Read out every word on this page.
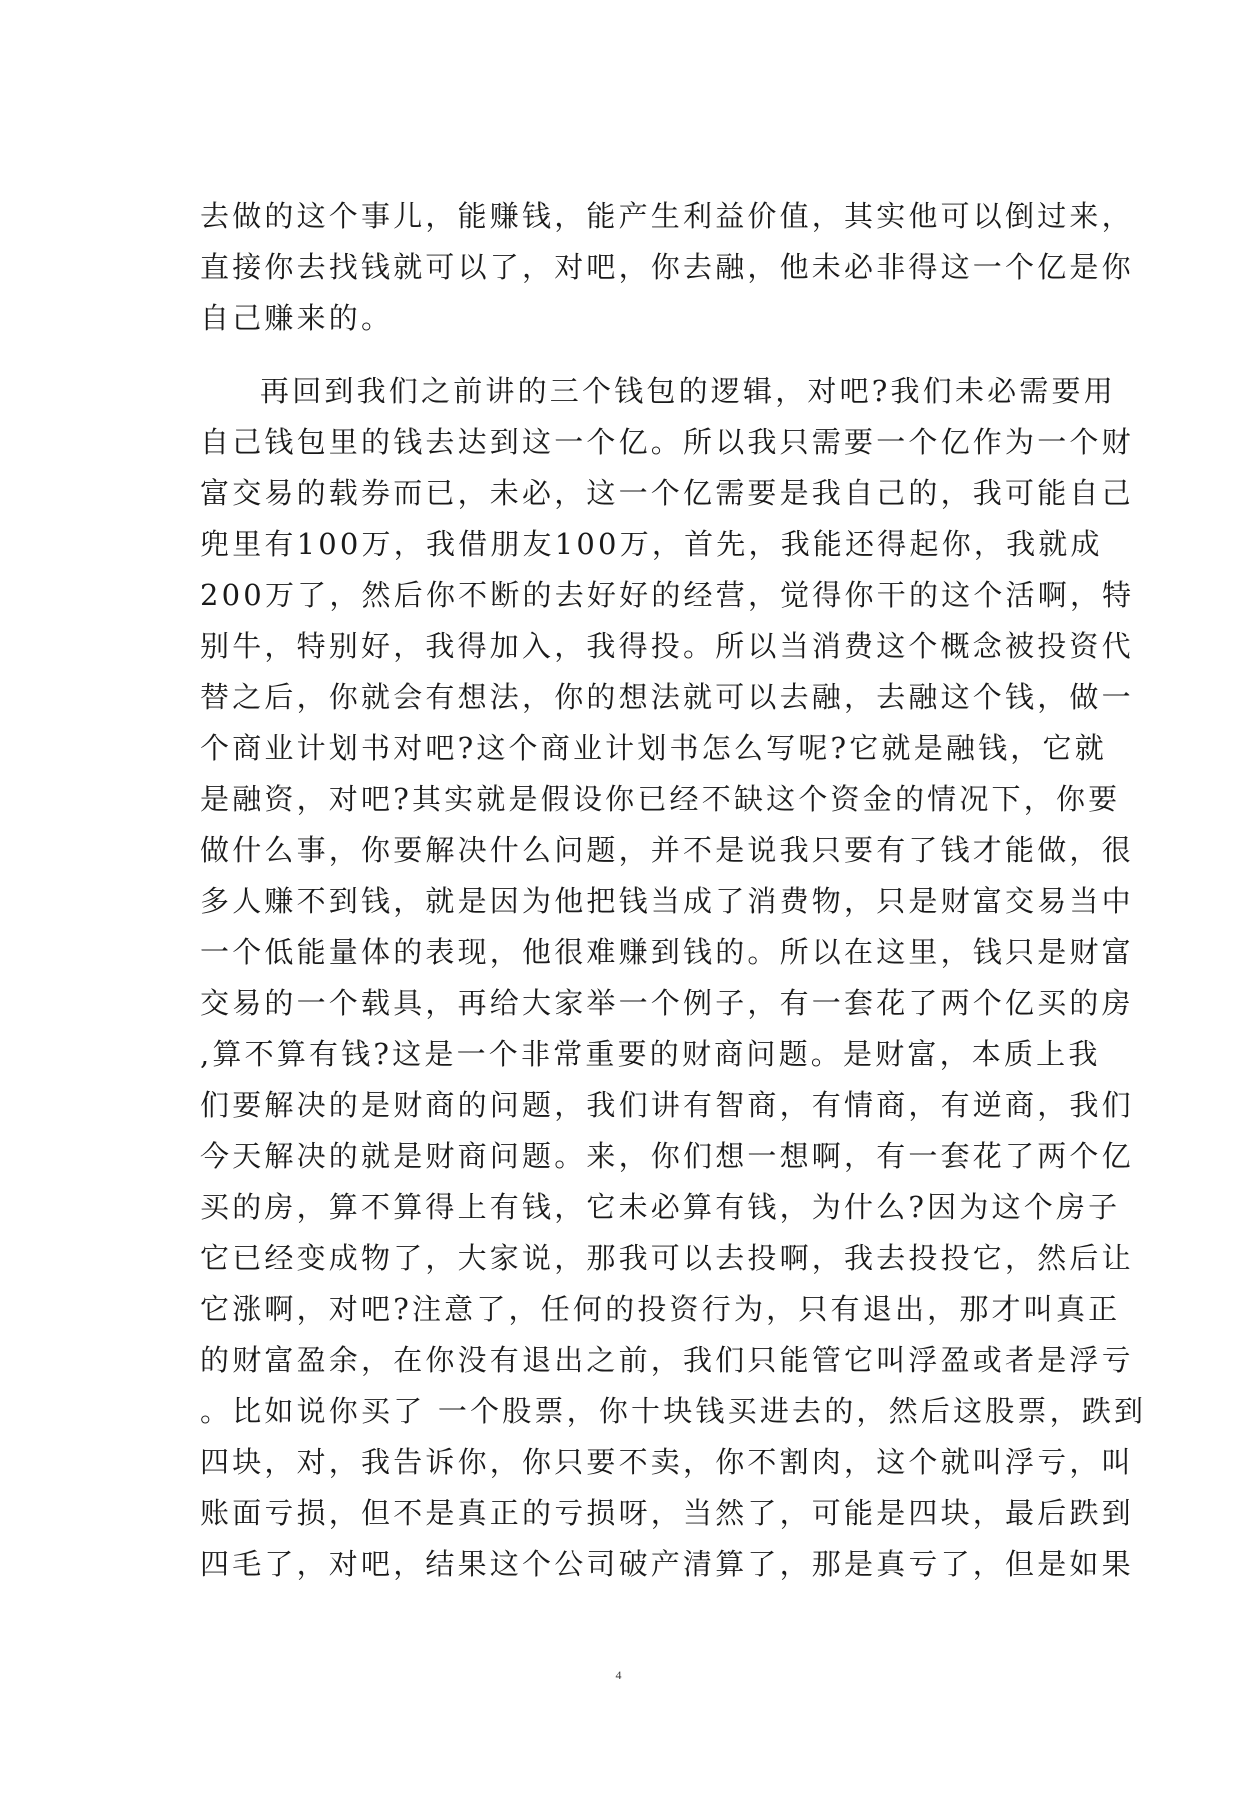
去做的这个事儿，能赚钱，能产生利益价值，其实他可以倒过来，
直接你去找钱就可以了，对吧，你去融，他未必非得这一个亿是你
自己赚来的。
再回到我们之前讲的三个钱包的逻辑，对吧?我们未必需要用
自己钱包里的钱去达到这一个亿。所以我只需要一个亿作为一个财
富交易的载券而已，未必，这一个亿需要是我自己的，我可能自己
兜里有100万，我借朋友100万，首先，我能还得起你，我就成
200万了，然后你不断的去好好的经营，觉得你干的这个活啊，特
别牛，特别好，我得加入，我得投。所以当消费这个概念被投资代
替之后，你就会有想法，你的想法就可以去融，去融这个钱，做一
个商业计划书对吧?这个商业计划书怎么写呢?它就是融钱，它就
是融资，对吧?其实就是假设你已经不缺这个资金的情况下，你要
做什么事，你要解决什么问题，并不是说我只要有了钱才能做，很
多人赚不到钱，就是因为他把钱当成了消费物，只是财富交易当中
一个低能量体的表现，他很难赚到钱的。所以在这里，钱只是财富
交易的一个载具，再给大家举一个例子，有一套花了两个亿买的房
,算不算有钱?这是一个非常重要的财商问题。是财富，本质上我
们要解决的是财商的问题，我们讲有智商，有情商，有逆商，我们
今天解决的就是财商问题。来，你们想一想啊，有一套花了两个亿
买的房，算不算得上有钱，它未必算有钱，为什么?因为这个房子
它已经变成物了，大家说，那我可以去投啊，我去投投它，然后让
它涨啊，对吧?注意了，任何的投资行为，只有退出，那才叫真正
的财富盈余，在你没有退出之前，我们只能管它叫浮盈或者是浮亏
。比如说你买了 一个股票，你十块钱买进去的，然后这股票，跌到
四块，对，我告诉你，你只要不卖，你不割肉，这个就叫浮亏，叫
账面亏损，但不是真正的亏损呀，当然了，可能是四块，最后跌到
四毛了，对吧，结果这个公司破产清算了，那是真亏了，但是如果
4
